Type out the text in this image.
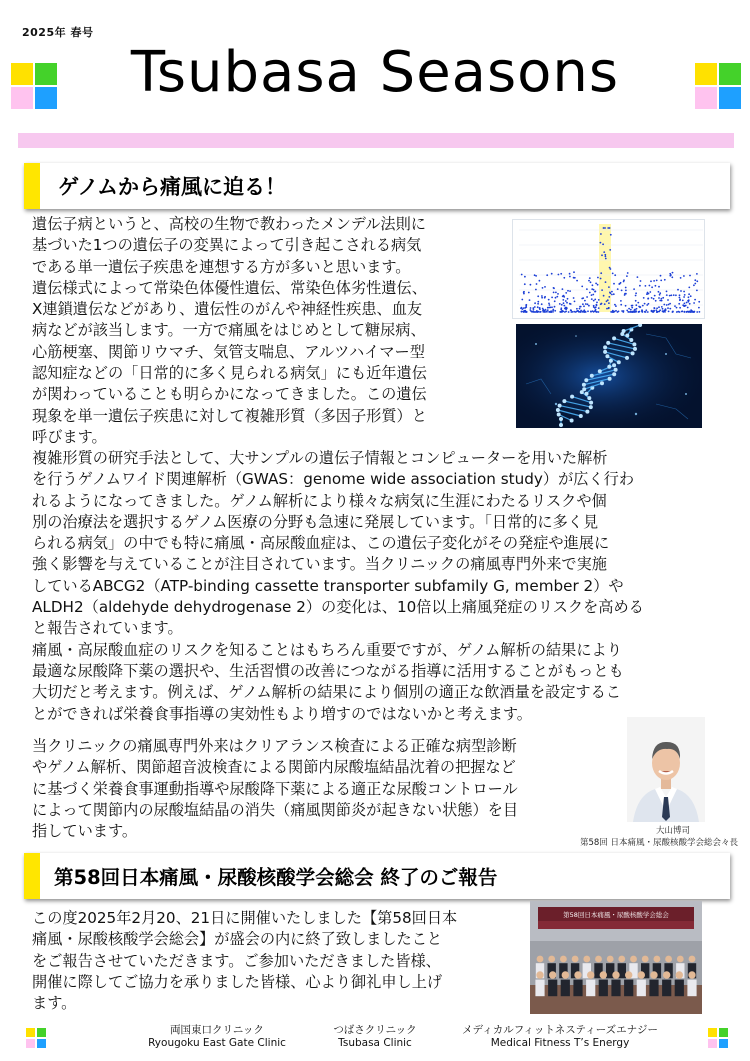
2025年 春号
Tsubasa Seasons
ゲノムから痛風に迫る！

遺伝子病というと、高校の生物で教わったメンデル法則に

基づいた1つの遺伝子の変異によって引き起こされる病気

である単一遺伝子疾患を連想する方が多いと思います。

遺伝様式によって常染色体優性遺伝、常染色体劣性遺伝、

X連鎖遺伝などがあり、遺伝性のがんや神経性疾患、血友

病などが該当します。一方で痛風をはじめとして糖尿病、

心筋梗塞、関節リウマチ、気管支喘息、アルツハイマー型

認知症などの「日常的に多く見られる病気」にも近年遺伝

が関わっていることも明らかになってきました。この遺伝

現象を単一遺伝子疾患に対して複雑形質（多因子形質）と

呼びます。

複雑形質の研究手法として、大サンプルの遺伝子情報とコンピューターを用いた解析

を行うゲノムワイド関連解析（GWAS：genome wide association study）が広く行わ

れるようになってきました。ゲノム解析により様々な病気に生涯にわたるリスクや個

別の治療法を選択するゲノム医療の分野も急速に発展しています。「日常的に多く見

られる病気」の中でも特に痛風・高尿酸血症は、この遺伝子変化がその発症や進展に

強く影響を与えていることが注目されています。当クリニックの痛風専門外来で実施

しているABCG2（ATP-binding cassette transporter subfamily G, member 2）や

ALDH2（aldehyde dehydrogenase 2）の変化は、10倍以上痛風発症のリスクを高める

と報告されています。

痛風・高尿酸血症のリスクを知ることはもちろん重要ですが、ゲノム解析の結果により

最適な尿酸降下薬の選択や、生活習慣の改善につながる指導に活用することがもっとも

大切だと考えます。例えば、ゲノム解析の結果により個別の適正な飲酒量を設定するこ

とができれば栄養食事指導の実効性もより増すのではないかと考えます。

当クリニックの痛風専門外来はクリアランス検査による正確な病型診断

やゲノム解析、関節超音波検査による関節内尿酸塩結晶沈着の把握など

に基づく栄養食事運動指導や尿酸降下薬による適正な尿酸コントロール

によって関節内の尿酸塩結晶の消失（痛風関節炎が起きない状態）を目

指しています。	大山博司
第58回 日本痛風・尿酸核酸学会総会々長
第58回日本痛風・尿酸核酸学会総会 終了のご報告

この度2025年2月20、21日に開催いたしました【第58回日本

痛風・尿酸核酸学会総会】が盛会の内に終了致しましたこと

をご報告させていただきます。ご参加いただきました皆様、

開催に際してご協力を承りました皆様、心より御礼申し上げ

ます。

第58回日本痛風・尿酸核酸学会総会
両国東口クリニック
Ryougoku East Gate Clinic
つばさクリニック
Tsubasa Clinic
メディカルフィットネスティーズエナジー
Medical Fitness T’s Energy
